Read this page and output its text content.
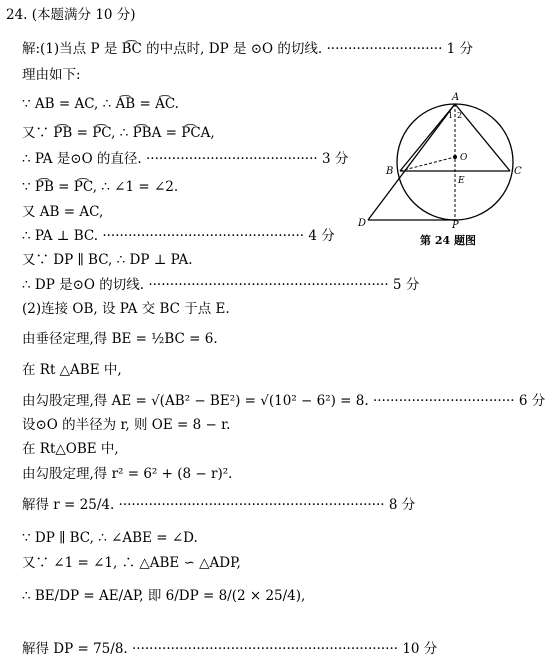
24. (本题满分 10 分)
解:(1)当点 P 是 B͡C 的中点时, DP 是 ⊙O 的切线. ··························· 1 分
理由如下:
∵ AB = AC, ∴ A͡B = A͡C.
又∵ P͡B = P͡C, ∴ P͡BA = P͡CA,
∴ PA 是⊙O 的直径. ········································ 3 分
∵ P͡B = P͡C, ∴ ∠1 = ∠2.
又 AB = AC,
∴ PA ⊥ BC. ··············································· 4 分
又∵ DP ∥ BC, ∴ DP ⊥ PA.
∴ DP 是⊙O 的切线. ························································ 5 分
(2)连接 OB, 设 PA 交 BC 于点 E.
由垂径定理,得 BE = ½BC = 6.
在 Rt △ABE 中,
由勾股定理,得 AE = √(AB² − BE²) = √(10² − 6²) = 8. ································· 6 分
设⊙O 的半径为 r, 则 OE = 8 − r.
在 Rt△OBE 中,
由勾股定理,得 r² = 6² + (8 − r)².
解得 r = 25/4. ······························································ 8 分
∵ DP ∥ BC, ∴ ∠ABE = ∠D.
又∵ ∠1 = ∠1, ∴ △ABE ∽ △ADP,
∴ BE/DP = AE/AP, 即 6/DP = 8/(2 × 25/4),
解得 DP = 75/8. ······························································ 10 分
A
B	C
D
E
O
P
1 2
第 24 题图
